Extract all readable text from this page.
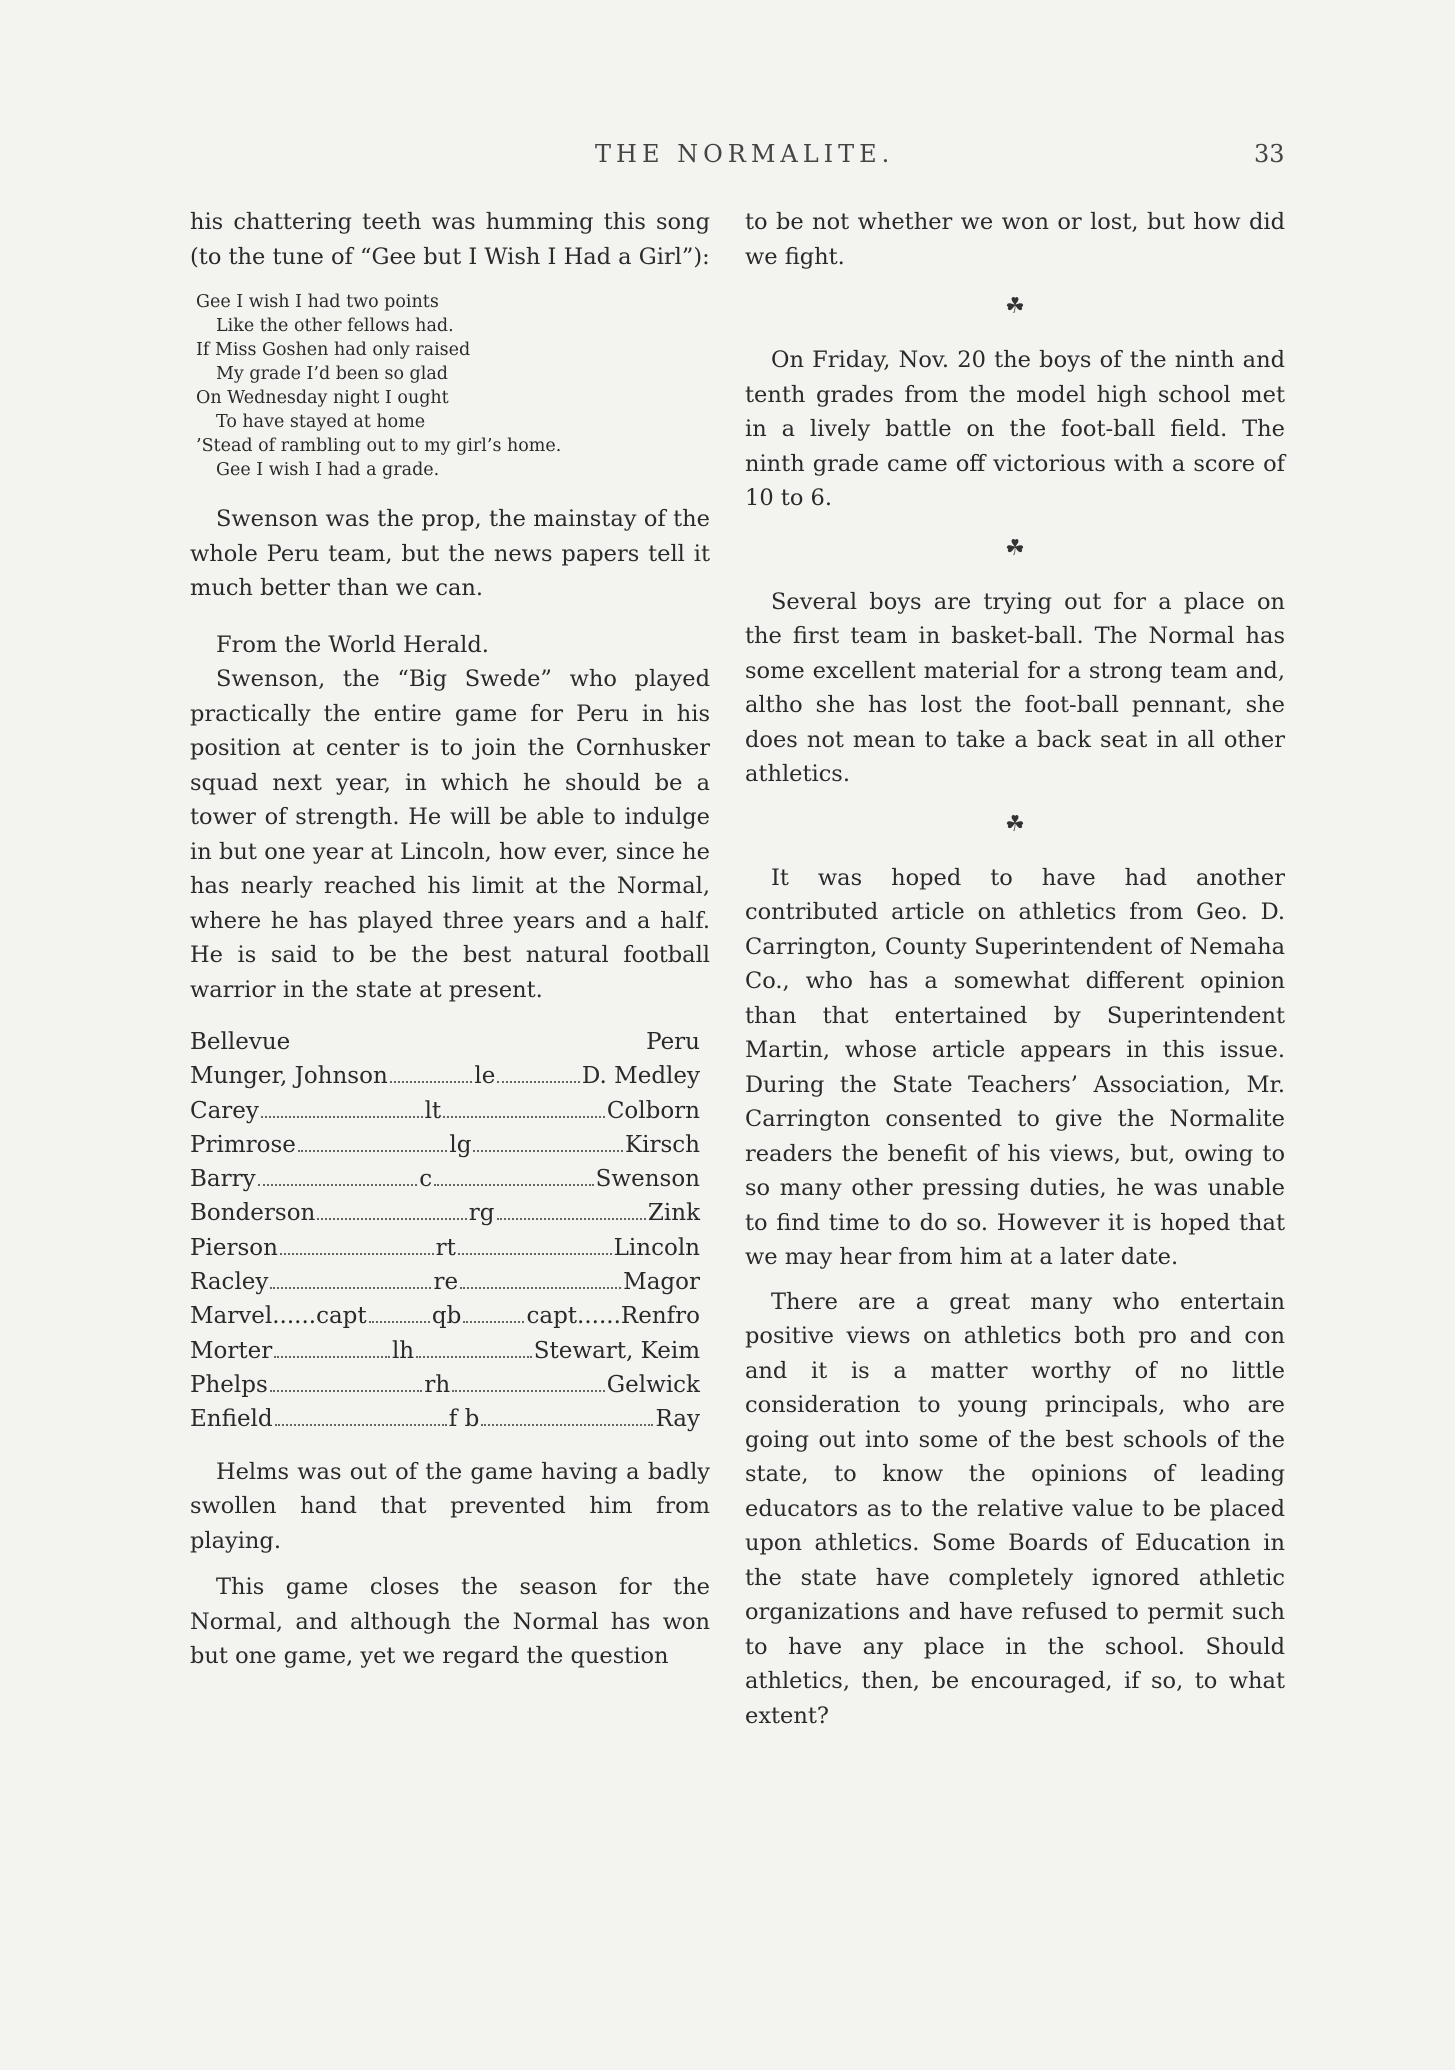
THE NORMALITE.	33

his chattering teeth was humming this song (to the tune of “Gee but I Wish I Had a Girl”):

Gee I wish I had two points
Like the other fellows had.
If Miss Goshen had only raised
My grade I’d been so glad
On Wednesday night I ought
To have stayed at home
’Stead of rambling out to my girl’s home.
Gee I wish I had a grade.

Swenson was the prop, the mainstay of the whole Peru team, but the news papers tell it much better than we can.

From the World Herald.

Swenson, the “Big Swede” who played practically the entire game for Peru in his position at center is to join the Cornhusker squad next year, in which he should be a tower of strength. He will be able to indulge in but one year at Lincoln, how ever, since he has nearly reached his limit at the Normal, where he has played three years and a half. He is said to be the best natural football warrior in the state at present.

Bellevue	Peru
Munger, Johnson	le	D. Medley
Carey	lt	Colborn
Primrose	lg	Kirsch
Barry	c	Swenson
Bonderson	rg	Zink
Pierson	rt	Lincoln
Racley	re	Magor
Marvel......capt	qb	capt......Renfro
Morter	lh	Stewart, Keim
Phelps	rh	Gelwick
Enfield	f b	Ray

Helms was out of the game having a badly swollen hand that prevented him from playing.

This game closes the season for the Normal, and although the Normal has won but one game, yet we regard the question

to be not whether we won or lost, but how did we fight.

☘

On Friday, Nov. 20 the boys of the ninth and tenth grades from the model high school met in a lively battle on the foot-ball field. The ninth grade came off victorious with a score of 10 to 6.

☘

Several boys are trying out for a place on the first team in basket-ball. The Normal has some excellent material for a strong team and, altho she has lost the foot-ball pennant, she does not mean to take a back seat in all other athletics.

☘

It was hoped to have had another contributed article on athletics from Geo. D. Carrington, County Superintendent of Nemaha Co., who has a somewhat different opinion than that entertained by Superintendent Martin, whose article appears in this issue. During the State Teachers’ Association, Mr. Carrington consented to give the Normalite readers the benefit of his views, but, owing to so many other pressing duties, he was unable to find time to do so. However it is hoped that we may hear from him at a later date.

There are a great many who entertain positive views on athletics both pro and con and it is a matter worthy of no little consideration to young principals, who are going out into some of the best schools of the state, to know the opinions of leading educators as to the relative value to be placed upon athletics. Some Boards of Education in the state have completely ignored athletic organizations and have refused to permit such to have any place in the school. Should athletics, then, be encouraged, if so, to what extent?
